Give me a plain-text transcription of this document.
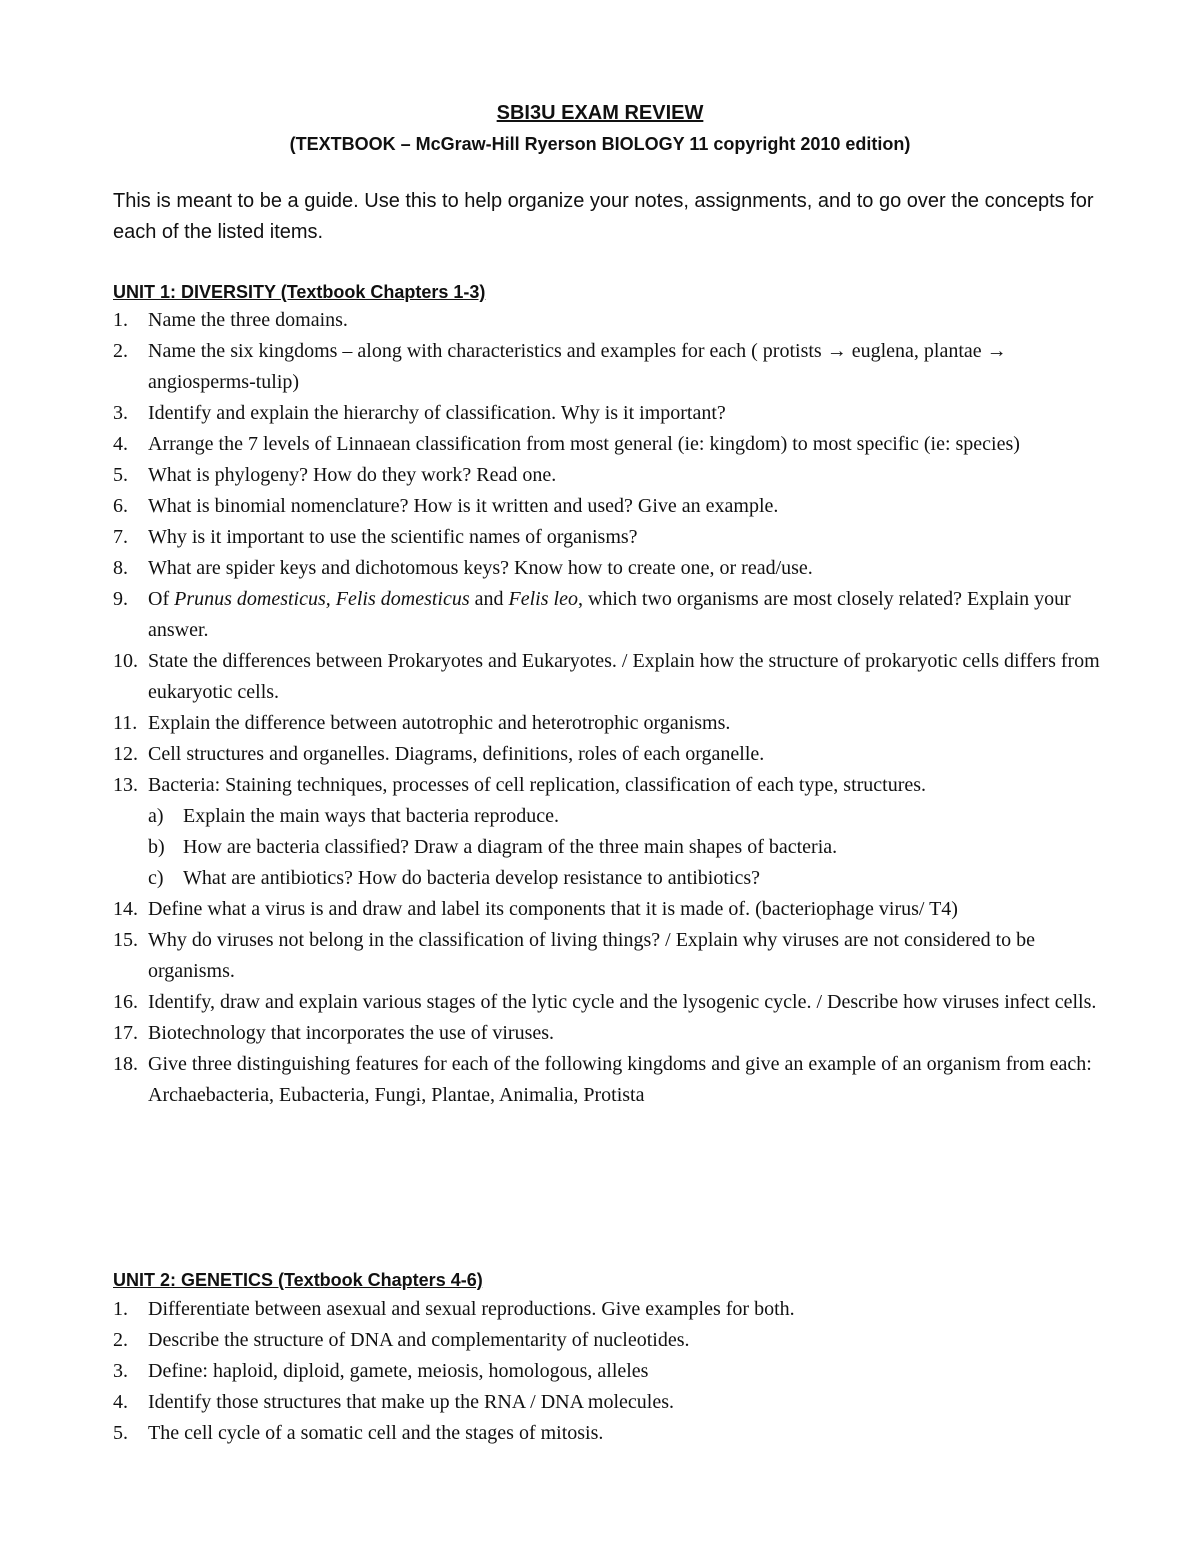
SBI3U EXAM REVIEW
(TEXTBOOK – McGraw-Hill Ryerson BIOLOGY 11 copyright 2010 edition)

This is meant to be a guide. Use this to help organize your notes, assignments, and to go over the concepts for each of the listed items.

UNIT 1: DIVERSITY (Textbook Chapters 1-3)
1. Name the three domains.
2. Name the six kingdoms – along with characteristics and examples for each ( protists → euglena, plantae → angiosperms-tulip)
3. Identify and explain the hierarchy of classification. Why is it important?
4. Arrange the 7 levels of Linnaean classification from most general (ie: kingdom) to most specific (ie: species)
5. What is phylogeny? How do they work? Read one.
6. What is binomial nomenclature? How is it written and used? Give an example.
7. Why is it important to use the scientific names of organisms?
8. What are spider keys and dichotomous keys? Know how to create one, or read/use.
9. Of Prunus domesticus, Felis domesticus and Felis leo, which two organisms are most closely related? Explain your answer.
10. State the differences between Prokaryotes and Eukaryotes. / Explain how the structure of prokaryotic cells differs from eukaryotic cells.
11. Explain the difference between autotrophic and heterotrophic organisms.
12. Cell structures and organelles. Diagrams, definitions, roles of each organelle.
13. Bacteria: Staining techniques, processes of cell replication, classification of each type, structures.
a) Explain the main ways that bacteria reproduce.
b) How are bacteria classified? Draw a diagram of the three main shapes of bacteria.
c) What are antibiotics? How do bacteria develop resistance to antibiotics?
14. Define what a virus is and draw and label its components that it is made of. (bacteriophage virus/ T4)
15. Why do viruses not belong in the classification of living things? / Explain why viruses are not considered to be organisms.
16. Identify, draw and explain various stages of the lytic cycle and the lysogenic cycle. / Describe how viruses infect cells.
17. Biotechnology that incorporates the use of viruses.
18. Give three distinguishing features for each of the following kingdoms and give an example of an organism from each: Archaebacteria, Eubacteria, Fungi, Plantae, Animalia, Protista
UNIT 2: GENETICS (Textbook Chapters 4-6)
1. Differentiate between asexual and sexual reproductions. Give examples for both.
2. Describe the structure of DNA and complementarity of nucleotides.
3. Define: haploid, diploid, gamete, meiosis, homologous, alleles
4. Identify those structures that make up the RNA / DNA molecules.
5. The cell cycle of a somatic cell and the stages of mitosis.
